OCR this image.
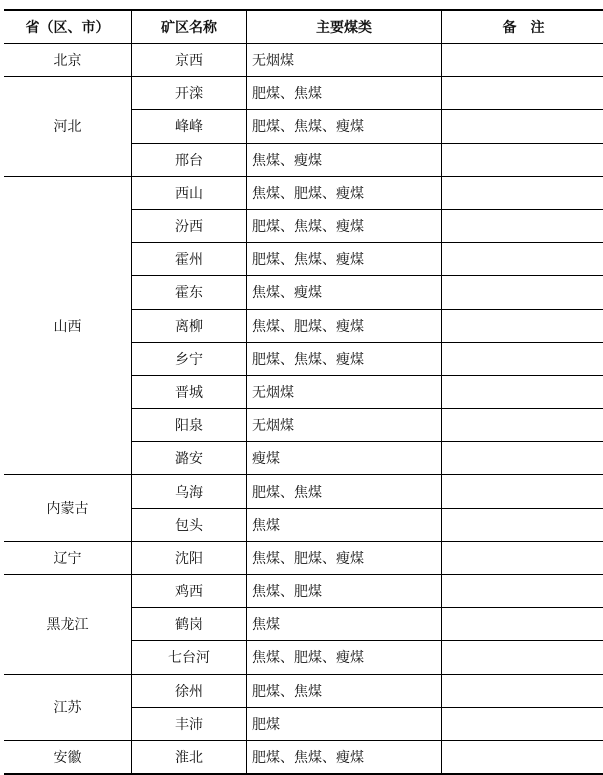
省（区、市）	矿区名称	主要煤类	备　注
北京	京西	无烟煤	
河北	开滦	肥煤、焦煤	
	峰峰	肥煤、焦煤、瘦煤	
	邢台	焦煤、瘦煤	
山西	西山	焦煤、肥煤、瘦煤	
	汾西	肥煤、焦煤、瘦煤	
	霍州	肥煤、焦煤、瘦煤	
	霍东	焦煤、瘦煤	
	离柳	焦煤、肥煤、瘦煤	
	乡宁	肥煤、焦煤、瘦煤	
	晋城	无烟煤	
	阳泉	无烟煤	
	潞安	瘦煤	
内蒙古	乌海	肥煤、焦煤	
	包头	焦煤	
辽宁	沈阳	焦煤、肥煤、瘦煤	
黑龙江	鸡西	焦煤、肥煤	
	鹤岗	焦煤	
	七台河	焦煤、肥煤、瘦煤	
江苏	徐州	肥煤、焦煤	
	丰沛	肥煤	
安徽	淮北	肥煤、焦煤、瘦煤	
